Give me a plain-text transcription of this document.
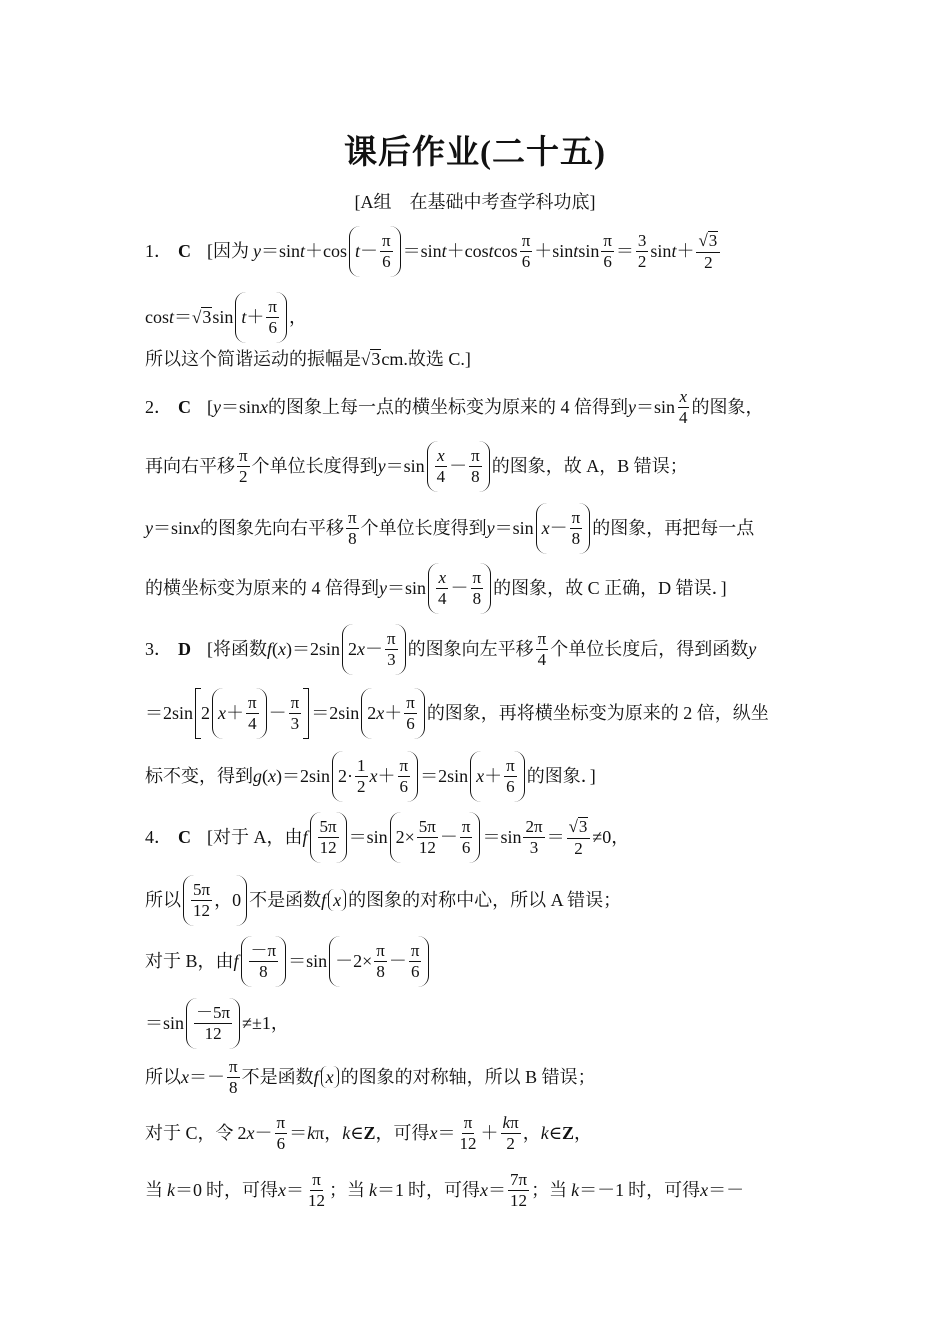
课后作业(二十五)
[A组　在基础中考查学科功底]
1． C [因为 y ＝sin t ＋cos $t - \frac{\pi}{6} =\sin$ t ＋cos t $\cos \frac{\pi}{6} +\sin$ t $\sin \frac{\pi}{6} = \frac{3}{2}$ $\sin t + \frac{√ 3}{2}$
cos t ＝ √ 3 $\sin t + \frac{\pi}{6}$ ，
所以这个简谐运动的振幅是 √ 3 cm.故选 C.]
2． C [ y ＝sin x 的图象上每一点的横坐标变为原来的 4 倍得到 $y =\sin \frac{x}{4}$ 的图象，
再向右平移 $\frac{\pi}{2}$ 个单位长度得到 $y =\sin \frac{x}{4} - \frac{\pi}{8}$ 的图象，故 A，B 错误；
y ＝sin x 的图象先向右平移 $\frac{\pi}{8}$ 个单位长度得到 y ＝sin $x - \frac{\pi}{8}$ 的图象，再把每一点
的横坐标变为原来的 4 倍得到 $y =\sin \frac{x}{4} - \frac{\pi}{8}$ 的图象，故 C 正确，D 错误．]
3． D [将函数 f ( x )＝2sin 2 $x - \frac{\pi}{3}$ 的图象向左平移 $\frac{\pi}{4}$ 个单位长度后，得到函数 y
＝2sin 2 $x + \frac{\pi}{4} - \frac{\pi}{3} =2\sin$ 2 $x + \frac{\pi}{6}$ 的图象，再将横坐标变为原来的 2 倍，纵坐
标不变，得到 g ( x )＝2sin $2\cdot \frac{1}{2}$ $x + \frac{\pi}{6} =2\sin$ $x + \frac{\pi}{6}$ 的图象．]
4． C [对于 A，由 f $\frac{5\pi}{12} =\sin$ $2\times \frac{5\pi}{12} - \frac{\pi}{6} =\sin \frac{2\pi}{3} = \frac{√ 3}{2} \ne 0$，
所以 $\frac{5\pi}{12}$ ，0 不是函数 f x 的图象的对称中心，所以 A 错误；
对于 B，由 f $\frac{-\pi}{8} =\sin -2\times \frac{\pi}{8} - \frac{\pi}{6}$
$=\sin \frac{-5\pi}{12} \ne\pm 1$，
所以 $x =- \frac{\pi}{8}$ 不是函数 f x 的图象的对称轴，所以 B 错误；
对于 C，令 2 $x - \frac{\pi}{6} = k$ π， k ∈ Z ，可得 $x = \frac{\pi}{12} + \frac{k\pi}{2}$ ， k ∈ Z ，
当 k ＝0 时，可得 $x = \frac{\pi}{12}$ ；当 k ＝1 时，可得 $x = \frac{7\pi}{12}$ ；当 k ＝－1 时，可得 x ＝－
